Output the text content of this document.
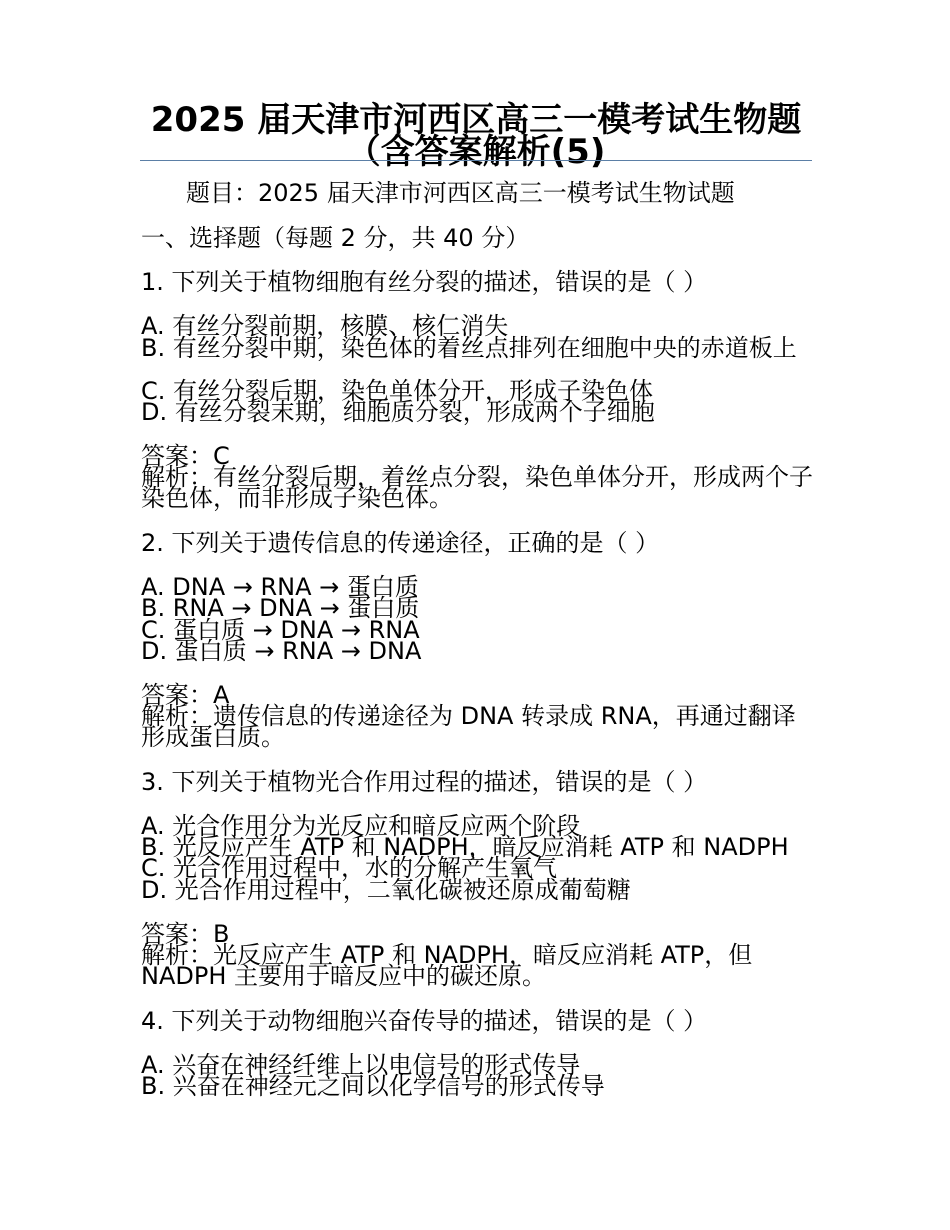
2025 届天津市河西区高三一模考试生物题（含答案解析(5)

题目：2025 届天津市河西区高三一模考试生物试题

一、选择题（每题 2 分，共 40 分）

1. 下列关于植物细胞有丝分裂的描述，错误的是（ ）

A. 有丝分裂前期，核膜、核仁消失

B. 有丝分裂中期，染色体的着丝点排列在细胞中央的赤道板上

C. 有丝分裂后期，染色单体分开，形成子染色体

D. 有丝分裂末期，细胞质分裂，形成两个子细胞

答案：C

解析：有丝分裂后期，着丝点分裂，染色单体分开，形成两个子染色体，而非形成子染色体。

2. 下列关于遗传信息的传递途径，正确的是（ ）

A. DNA → RNA → 蛋白质

B. RNA → DNA → 蛋白质

C. 蛋白质 → DNA → RNA

D. 蛋白质 → RNA → DNA

答案：A

解析：遗传信息的传递途径为 DNA 转录成 RNA，再通过翻译形成蛋白质。

3. 下列关于植物光合作用过程的描述，错误的是（ ）

A. 光合作用分为光反应和暗反应两个阶段

B. 光反应产生 ATP 和 NADPH，暗反应消耗 ATP 和 NADPH

C. 光合作用过程中，水的分解产生氧气

D. 光合作用过程中，二氧化碳被还原成葡萄糖

答案：B

解析：光反应产生 ATP 和 NADPH，暗反应消耗 ATP，但 NADPH 主要用于暗反应中的碳还原。

4. 下列关于动物细胞兴奋传导的描述，错误的是（ ）

A. 兴奋在神经纤维上以电信号的形式传导

B. 兴奋在神经元之间以化学信号的形式传导
